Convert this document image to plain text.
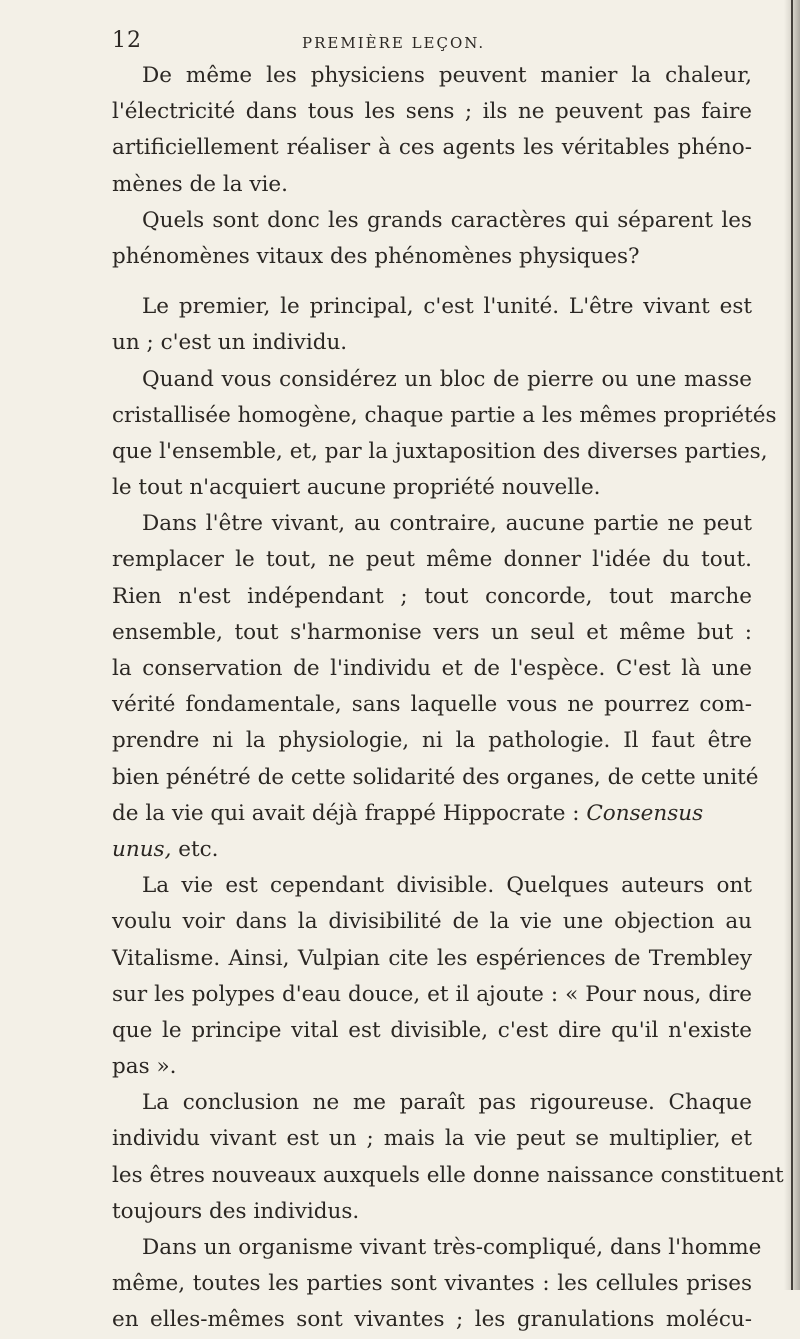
12	PREMIÈRE LEÇON.
De même les physiciens peuvent manier la chaleur,
l'électricité dans tous les sens ; ils ne peuvent pas faire
artificiellement réaliser à ces agents les véritables phéno-
mènes de la vie.
Quels sont donc les grands caractères qui séparent les
phénomènes vitaux des phénomènes physiques?
Le premier, le principal, c'est l'unité. L'être vivant est
un ; c'est un individu.
Quand vous considérez un bloc de pierre ou une masse
cristallisée homogène, chaque partie a les mêmes propriétés
que l'ensemble, et, par la juxtaposition des diverses parties,
le tout n'acquiert aucune propriété nouvelle.
Dans l'être vivant, au contraire, aucune partie ne peut
remplacer le tout, ne peut même donner l'idée du tout.
Rien n'est indépendant ; tout concorde, tout marche
ensemble, tout s'harmonise vers un seul et même but :
la conservation de l'individu et de l'espèce. C'est là une
vérité fondamentale, sans laquelle vous ne pourrez com-
prendre ni la physiologie, ni la pathologie. Il faut être
bien pénétré de cette solidarité des organes, de cette unité
de la vie qui avait déjà frappé Hippocrate : Consensus
unus, etc.
La vie est cependant divisible. Quelques auteurs ont
voulu voir dans la divisibilité de la vie une objection au
Vitalisme. Ainsi, Vulpian cite les espériences de Trembley
sur les polypes d'eau douce, et il ajoute : « Pour nous, dire
que le principe vital est divisible, c'est dire qu'il n'existe
pas ».
La conclusion ne me paraît pas rigoureuse. Chaque
individu vivant est un ; mais la vie peut se multiplier, et
les êtres nouveaux auxquels elle donne naissance constituent
toujours des individus.
Dans un organisme vivant très-compliqué, dans l'homme
même, toutes les parties sont vivantes : les cellules prises
en elles-mêmes sont vivantes ; les granulations molécu-
